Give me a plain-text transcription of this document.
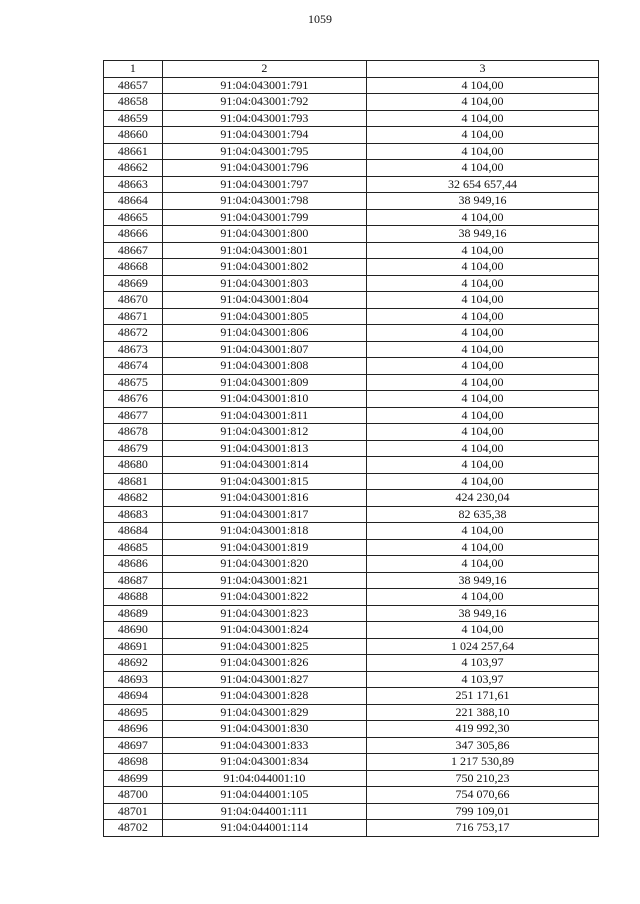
1059
1	2	3
48657	91:04:043001:791	4 104,00
48658	91:04:043001:792	4 104,00
48659	91:04:043001:793	4 104,00
48660	91:04:043001:794	4 104,00
48661	91:04:043001:795	4 104,00
48662	91:04:043001:796	4 104,00
48663	91:04:043001:797	32 654 657,44
48664	91:04:043001:798	38 949,16
48665	91:04:043001:799	4 104,00
48666	91:04:043001:800	38 949,16
48667	91:04:043001:801	4 104,00
48668	91:04:043001:802	4 104,00
48669	91:04:043001:803	4 104,00
48670	91:04:043001:804	4 104,00
48671	91:04:043001:805	4 104,00
48672	91:04:043001:806	4 104,00
48673	91:04:043001:807	4 104,00
48674	91:04:043001:808	4 104,00
48675	91:04:043001:809	4 104,00
48676	91:04:043001:810	4 104,00
48677	91:04:043001:811	4 104,00
48678	91:04:043001:812	4 104,00
48679	91:04:043001:813	4 104,00
48680	91:04:043001:814	4 104,00
48681	91:04:043001:815	4 104,00
48682	91:04:043001:816	424 230,04
48683	91:04:043001:817	82 635,38
48684	91:04:043001:818	4 104,00
48685	91:04:043001:819	4 104,00
48686	91:04:043001:820	4 104,00
48687	91:04:043001:821	38 949,16
48688	91:04:043001:822	4 104,00
48689	91:04:043001:823	38 949,16
48690	91:04:043001:824	4 104,00
48691	91:04:043001:825	1 024 257,64
48692	91:04:043001:826	4 103,97
48693	91:04:043001:827	4 103,97
48694	91:04:043001:828	251 171,61
48695	91:04:043001:829	221 388,10
48696	91:04:043001:830	419 992,30
48697	91:04:043001:833	347 305,86
48698	91:04:043001:834	1 217 530,89
48699	91:04:044001:10	750 210,23
48700	91:04:044001:105	754 070,66
48701	91:04:044001:111	799 109,01
48702	91:04:044001:114	716 753,17
